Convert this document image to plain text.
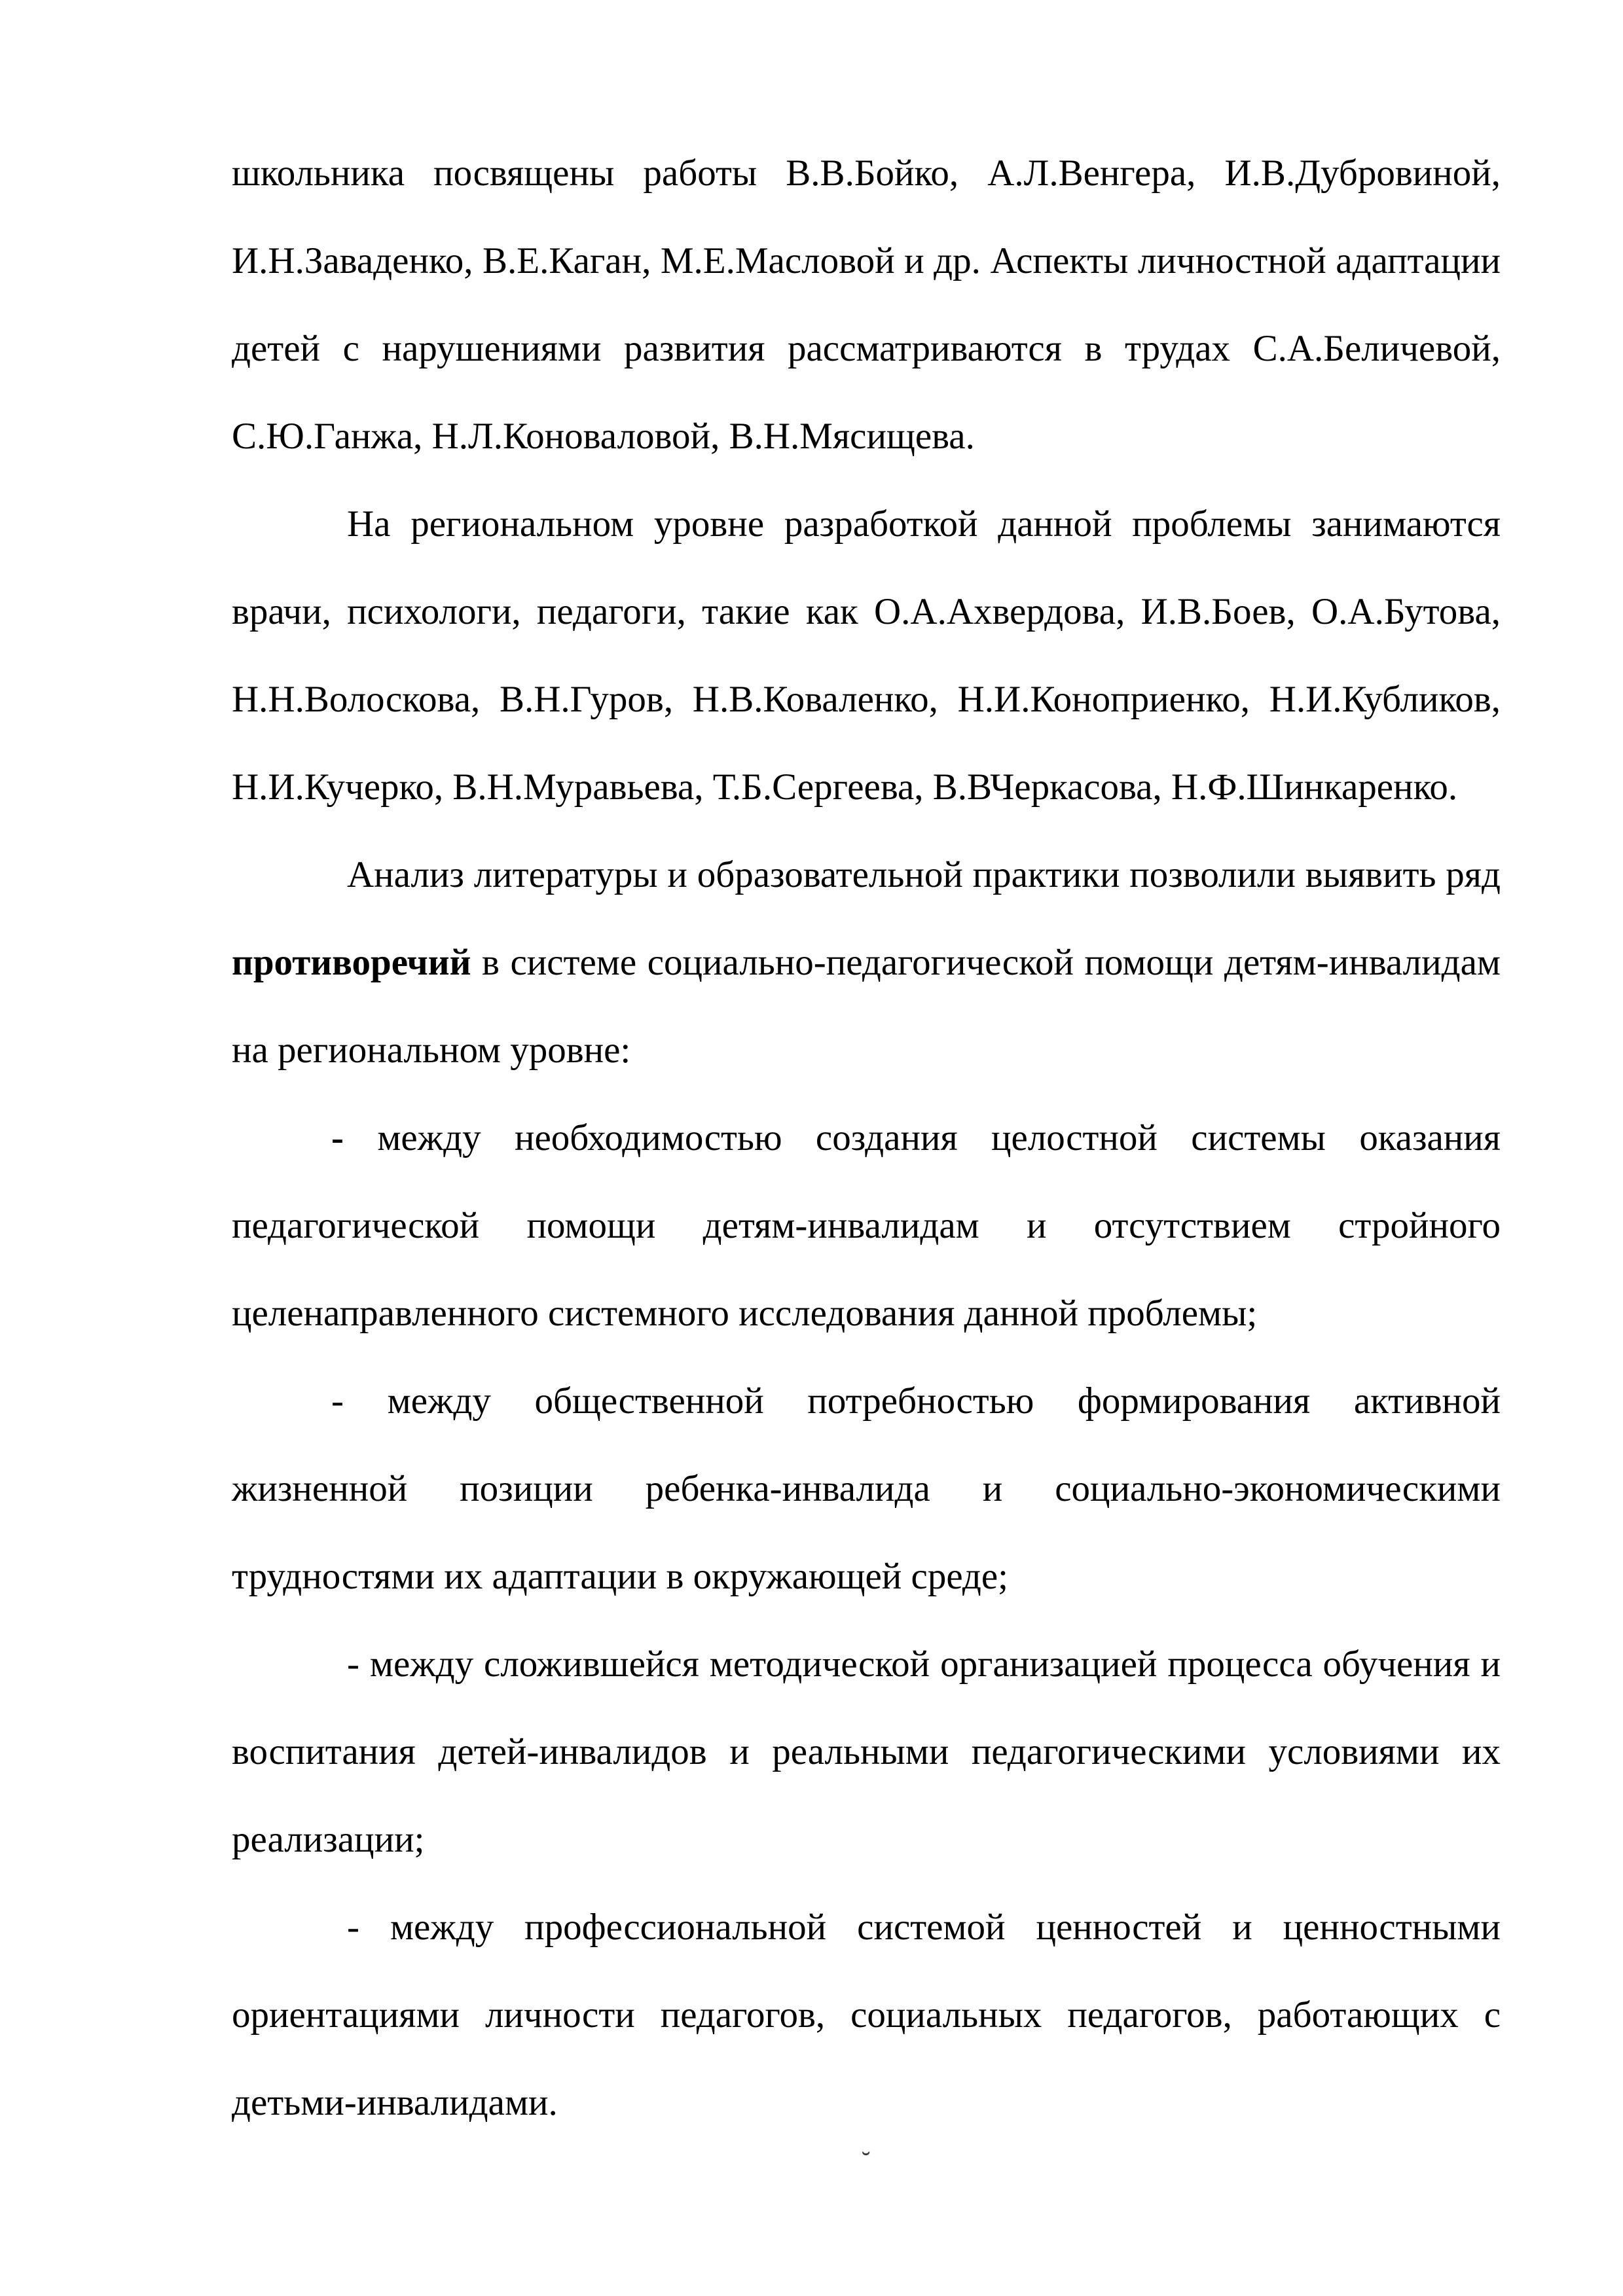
школьника посвящены работы В.В.Бойко, А.Л.Венгера, И.В.Дубровиной, И.Н.Заваденко, В.Е.Каган, М.Е.Масловой и др. Аспекты личностной адаптации детей с нарушениями развития рассматриваются в трудах С.А.Беличевой, С.Ю.Ганжа, Н.Л.Коноваловой, В.Н.Мясищева.

На региональном уровне разработкой данной проблемы занимаются врачи, психологи, педагоги, такие как О.А.Ахвердова, И.В.Боев, О.А.Бутова, Н.Н.Волоскова, В.Н.Гуров, Н.В.Коваленко, Н.И.Коноприенко, Н.И.Кубликов, Н.И.Кучерко, В.Н.Муравьева, Т.Б.Сергеева, В.ВЧеркасова, Н.Ф.Шинкаренко.

Анализ литературы и образовательной практики позволили выявить ряд противоречий в системе социально-педагогической помощи детям-инвалидам на региональном уровне:

- между необходимостью создания целостной системы оказания педагогической помощи детям-инвалидам и отсутствием стройного целенаправленного системного исследования данной проблемы;

- между общественной потребностью формирования активной жизненной позиции ребенка-инвалида и социально-экономическими трудностями их адаптации в окружающей среде;

- между сложившейся методической организацией процесса обучения и воспитания детей-инвалидов и реальными педагогическими условиями их реализации;

- между профессиональной системой ценностей и ценностными ориентациями личности педагогов, социальных педагогов, работающих с детьми-инвалидами.

˘
